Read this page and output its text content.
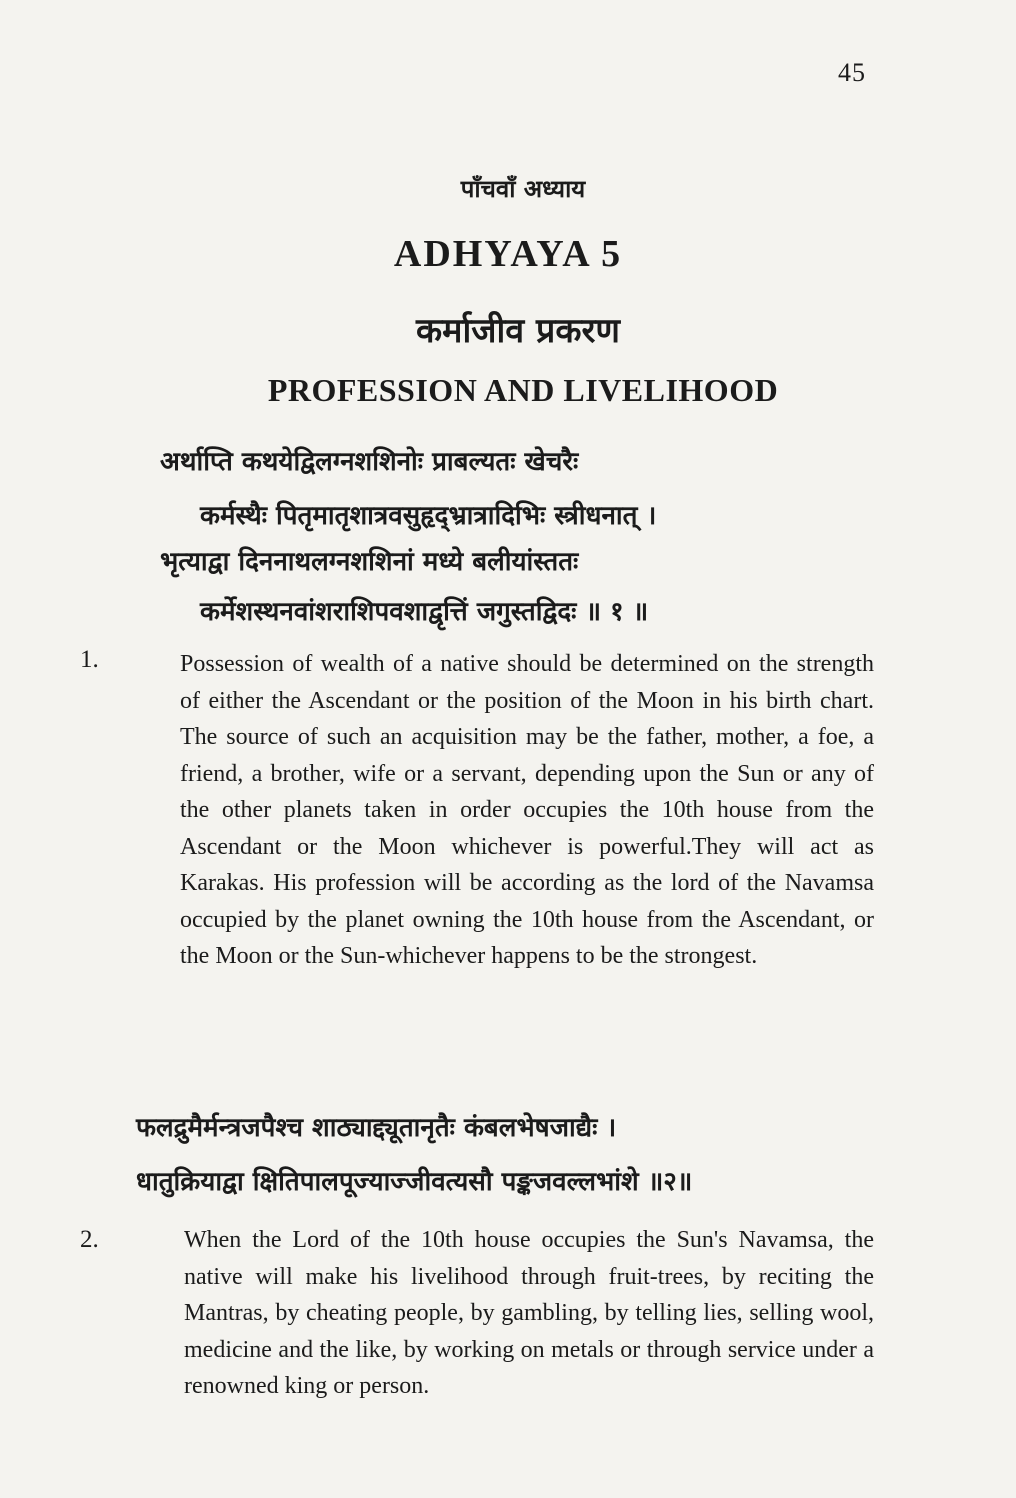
45
पाँचवाँ अध्याय
ADHYAYA 5
कर्माजीव प्रकरण
PROFESSION AND LIVELIHOOD
अर्थाप्ति कथयेद्विलग्नशशिनोः प्राबल्यतः खेचरैः
कर्मस्थैः पितृमातृशात्रवसुहृद्भ्रात्रादिभिः स्त्रीधनात् ।
भृत्याद्वा दिननाथलग्नशशिनां मध्ये बलीयांस्ततः
कर्मेशस्थनवांशराशिपवशाद्वृत्तिं जगुस्तद्विदः ॥ १ ॥
1.	Possession of wealth of a native should be determined on the strength of either the Ascendant or the position of the Moon in his birth chart. The source of such an acquisition may be the father, mother, a foe, a friend, a brother, wife or a servant, depending upon the Sun or any of the other planets taken in order occupies the 10th house from the Ascendant or the Moon whichever is powerful.They will act as Karakas. His profession will be according as the lord of the Navamsa occupied by the planet owning the 10th house from the Ascendant, or the Moon or the Sun-whichever happens to be the strongest.
फलद्रुमैर्मन्त्रजपैश्च शाठ्याद्द्यूतानृतैः कंबलभेषजाद्यैः ।
धातुक्रियाद्वा क्षितिपालपूज्याज्जीवत्यसौ पङ्कजवल्लभांशे ॥२॥
2.	When the Lord of the 10th house occupies the Sun's Navamsa, the native will make his livelihood through fruit-trees, by reciting the Mantras, by cheating people, by gambling, by telling lies, selling wool, medicine and the like, by working on metals or through service under a renowned king or person.
